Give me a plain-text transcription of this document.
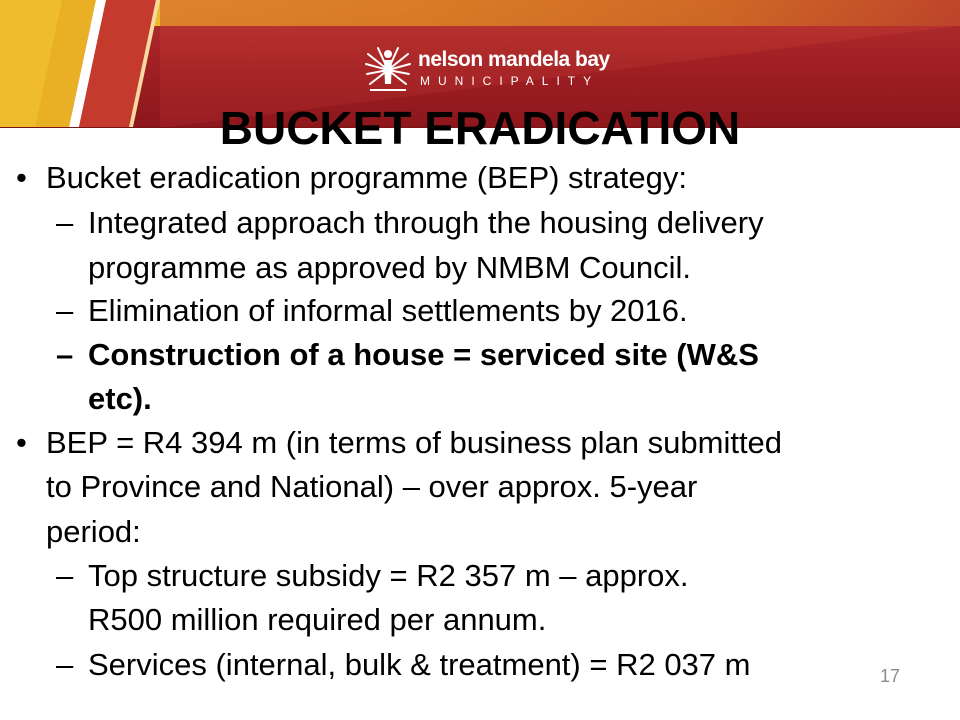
nelson mandela bay
MUNICIPALITY
BUCKET ERADICATION
• Bucket eradication programme (BEP) strategy:
– Integrated approach through the housing delivery
programme as approved by NMBM Council.
– Elimination of informal settlements by 2016.
– Construction of a house = serviced site (W&S
etc).
• BEP = R4 394 m (in terms of business plan submitted
to Province and National) – over approx. 5-year
period:
– Top structure subsidy = R2 357 m – approx.
R500 million required per annum.
– Services (internal, bulk & treatment) = R2 037 m	17
